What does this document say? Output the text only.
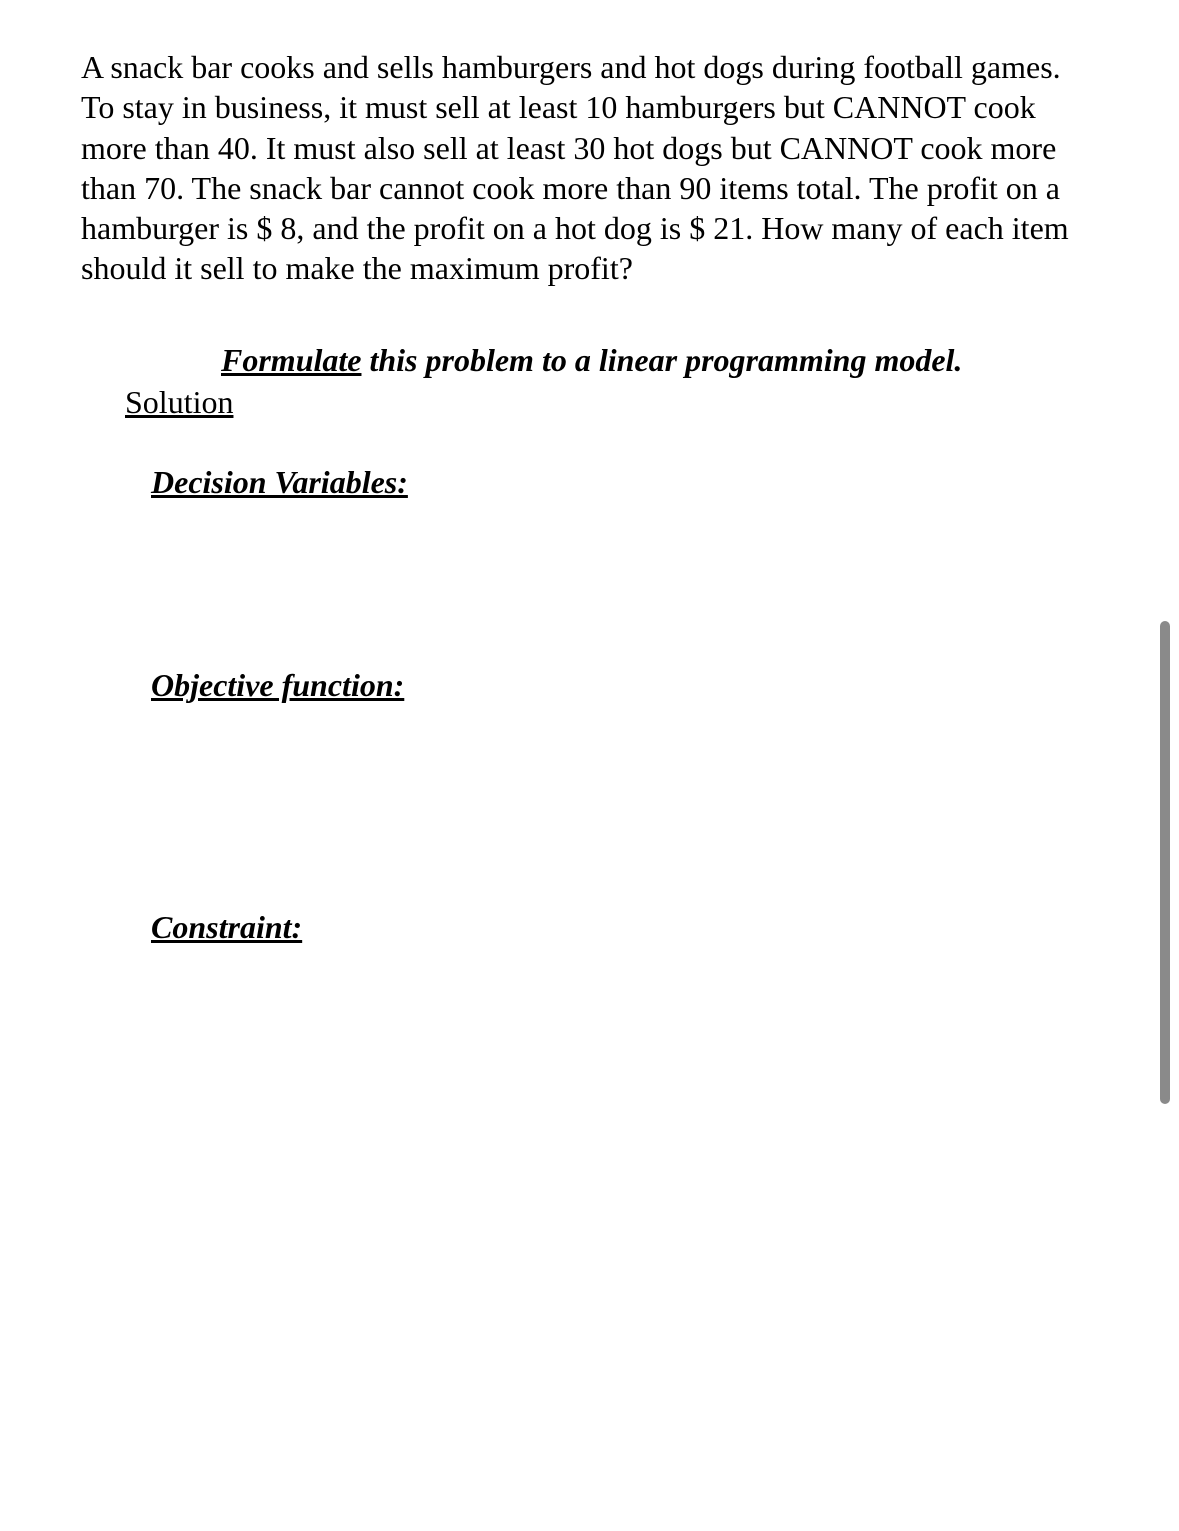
A snack bar cooks and sells hamburgers and hot dogs during football games. To stay in business, it must sell at least 10 hamburgers but CANNOT cook more than 40. It must also sell at least 30 hot dogs but CANNOT cook more than 70. The snack bar cannot cook more than 90 items total. The profit on a hamburger is $ 8, and the profit on a hot dog is $ 21. How many of each item should it sell to make the maximum profit?

Formulate this problem to a linear programming model.

Solution

Decision Variables:

Objective function:

Constraint:
